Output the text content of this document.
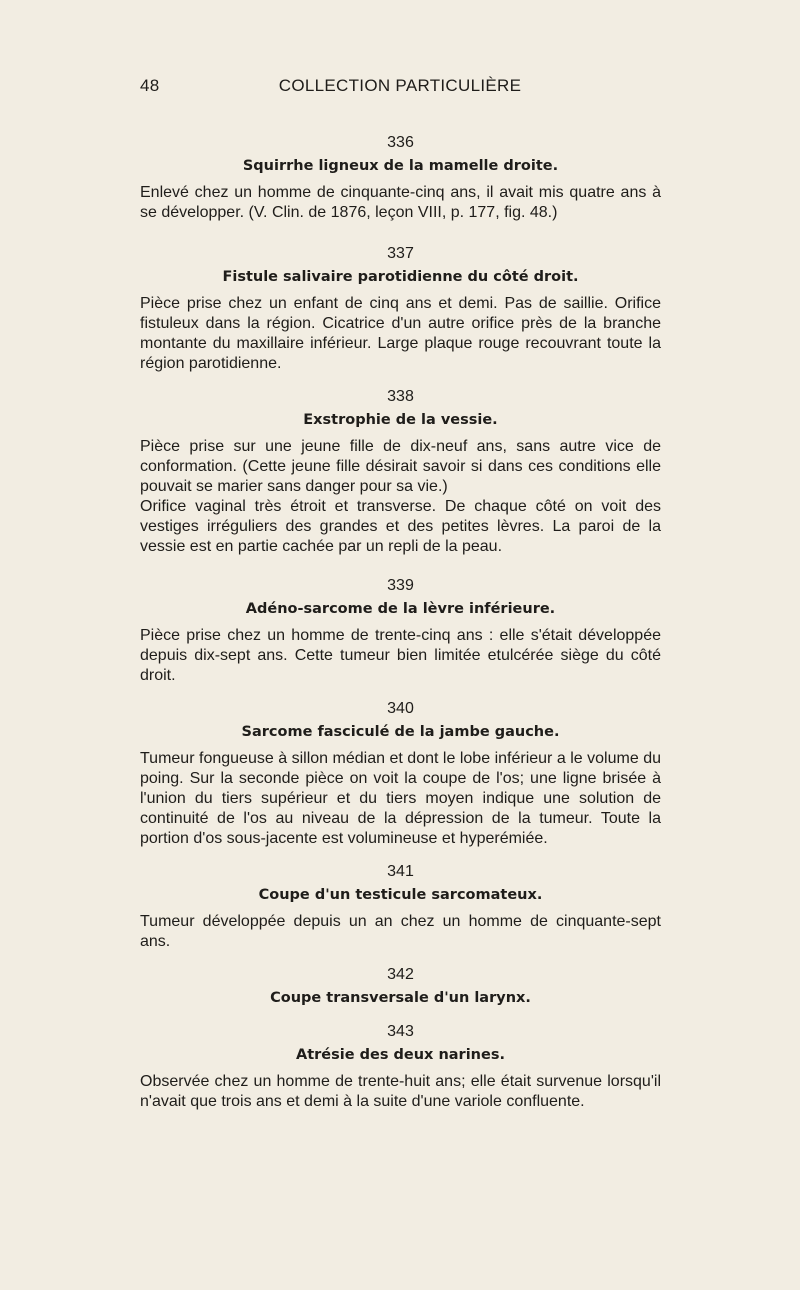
48	COLLECTION PARTICULIÈRE

336

Squirrhe ligneux de la mamelle droite.

Enlevé chez un homme de cinquante-cinq ans, il avait mis quatre ans à se développer. (V. Clin. de 1876, leçon VIII, p. 177, fig. 48.)

337

Fistule salivaire parotidienne du côté droit.

Pièce prise chez un enfant de cinq ans et demi. Pas de saillie. Orifice fistuleux dans la région. Cicatrice d'un autre orifice près de la branche montante du maxillaire inférieur. Large plaque rouge recouvrant toute la région parotidienne.

338

Exstrophie de la vessie.

Pièce prise sur une jeune fille de dix-neuf ans, sans autre vice de conformation. (Cette jeune fille désirait savoir si dans ces conditions elle pouvait se marier sans danger pour sa vie.)

Orifice vaginal très étroit et transverse. De chaque côté on voit des vestiges irréguliers des grandes et des petites lèvres. La paroi de la vessie est en partie cachée par un repli de la peau.

339

Adéno-sarcome de la lèvre inférieure.

Pièce prise chez un homme de trente-cinq ans : elle s'était développée depuis dix-sept ans. Cette tumeur bien limitée etulcérée siège du côté droit.

340

Sarcome fasciculé de la jambe gauche.

Tumeur fongueuse à sillon médian et dont le lobe inférieur a le volume du poing. Sur la seconde pièce on voit la coupe de l'os; une ligne brisée à l'union du tiers supérieur et du tiers moyen indique une solution de continuité de l'os au niveau de la dépression de la tumeur. Toute la portion d'os sous-jacente est volumineuse et hyperémiée.

341

Coupe d'un testicule sarcomateux.

Tumeur développée depuis un an chez un homme de cinquante-sept ans.

342

Coupe transversale d'un larynx.

343

Atrésie des deux narines.

Observée chez un homme de trente-huit ans; elle était survenue lorsqu'il n'avait que trois ans et demi à la suite d'une variole confluente.
